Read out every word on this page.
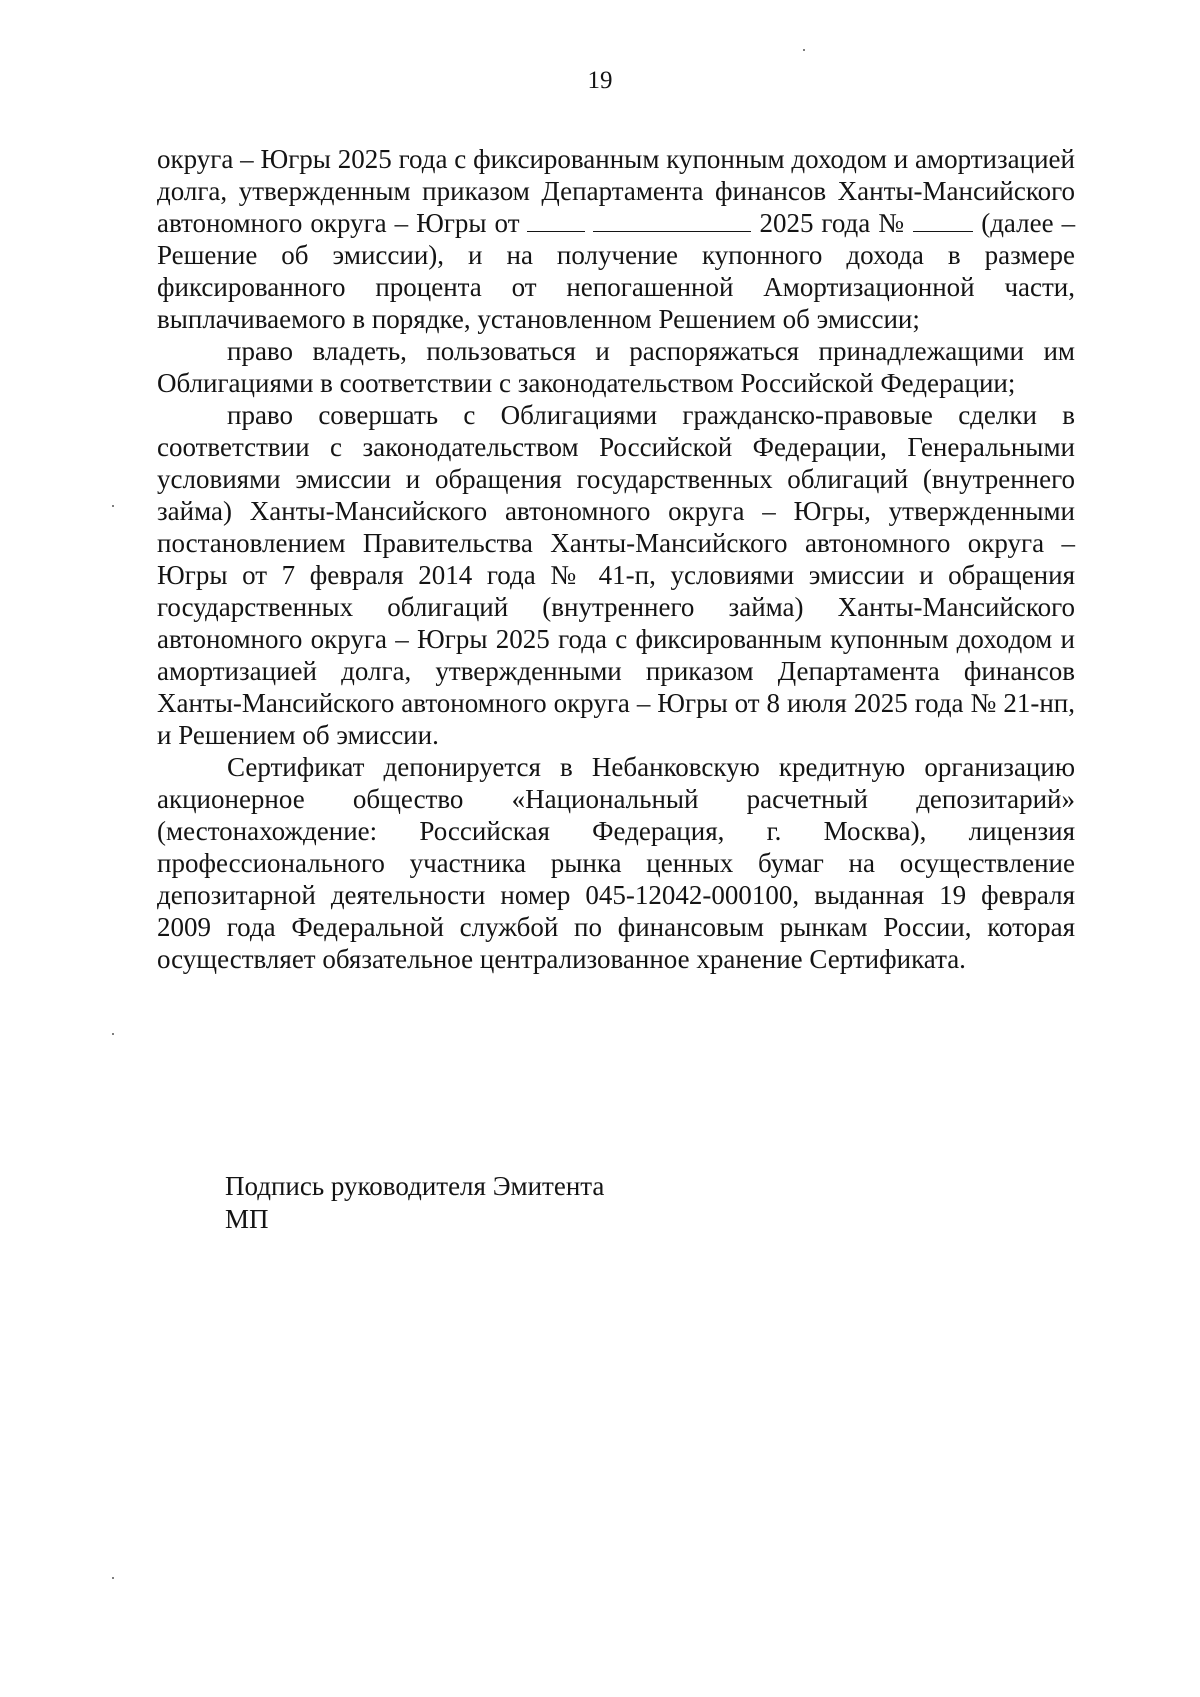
19

округа – Югры 2025 года с фиксированным купонным доходом и амортизацией долга, утвержденным приказом Департамента финансов Ханты-Мансийского автономного округа – Югры от	2025 года №	(далее – Решение об эмиссии), и на получение купонного дохода в размере фиксированного процента от непогашенной Амортизационной части, выплачиваемого в порядке, установленном Решением об эмиссии;

право владеть, пользоваться и распоряжаться принадлежащими им Облигациями в соответствии с законодательством Российской Федерации;

право совершать с Облигациями гражданско-правовые сделки в соответствии с законодательством Российской Федерации, Генеральными условиями эмиссии и обращения государственных облигаций (внутреннего займа) Ханты-Мансийского автономного округа – Югры, утвержденными постановлением Правительства Ханты-Мансийского автономного округа – Югры от 7 февраля 2014 года № 41-п, условиями эмиссии и обращения государственных облигаций (внутреннего займа) Ханты-Мансийского автономного округа – Югры 2025 года с фиксированным купонным доходом и амортизацией долга, утвержденными приказом Департамента финансов Ханты-Мансийского автономного округа – Югры от 8 июля 2025 года № 21-нп, и Решением об эмиссии.

Сертификат депонируется в Небанковскую кредитную организацию акционерное общество «Национальный расчетный депозитарий» (местонахождение: Российская Федерация, г. Москва), лицензия профессионального участника рынка ценных бумаг на осуществление депозитарной деятельности номер 045-12042-000100, выданная 19 февраля 2009 года Федеральной службой по финансовым рынкам России, которая осуществляет обязательное централизованное хранение Сертификата.

Подпись руководителя Эмитента
МП
